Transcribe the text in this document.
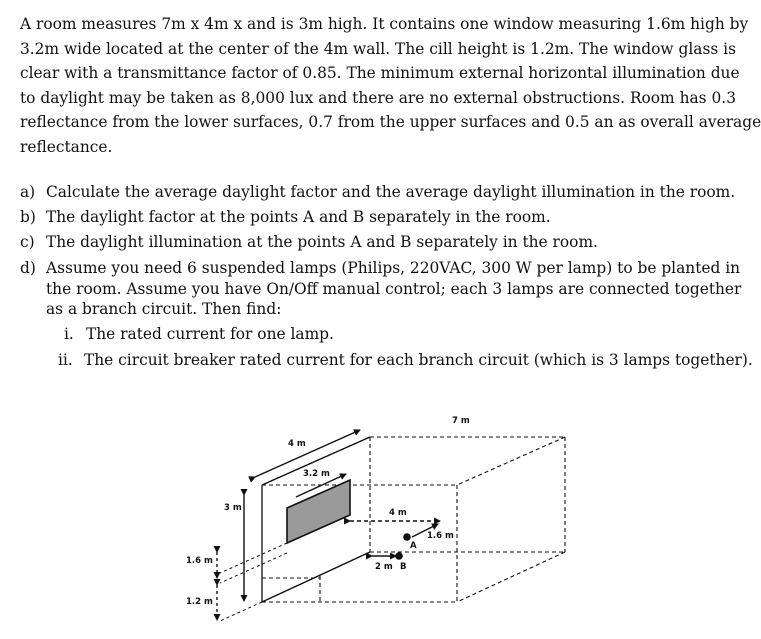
A room measures 7m x 4m x and is 3m high. It contains one window measuring 1.6m high by
3.2m wide located at the center of the 4m wall. The cill height is 1.2m. The window glass is
clear with a transmittance factor of 0.85. The minimum external horizontal illumination due
to daylight may be taken as 8,000 lux and there are no external obstructions. Room has 0.3
reflectance from the lower surfaces, 0.7 from the upper surfaces and 0.5 an as overall average
reflectance.
a) Calculate the average daylight factor and the average daylight illumination in the room.
b) The daylight factor at the points A and B separately in the room.
c) The daylight illumination at the points A and B separately in the room.
d) Assume you need 6 suspended lamps (Philips, 220VAC, 300 W per lamp) to be planted in
the room. Assume you have On/Off manual control; each 3 lamps are connected together
as a branch circuit. Then find:
i. The rated current for one lamp.
ii. The circuit breaker rated current for each branch circuit (which is 3 lamps together).
7 m
4 m
3.2 m
3 m	4 m
1.6 m
A
2 m B
1.6 m
1.2 m
